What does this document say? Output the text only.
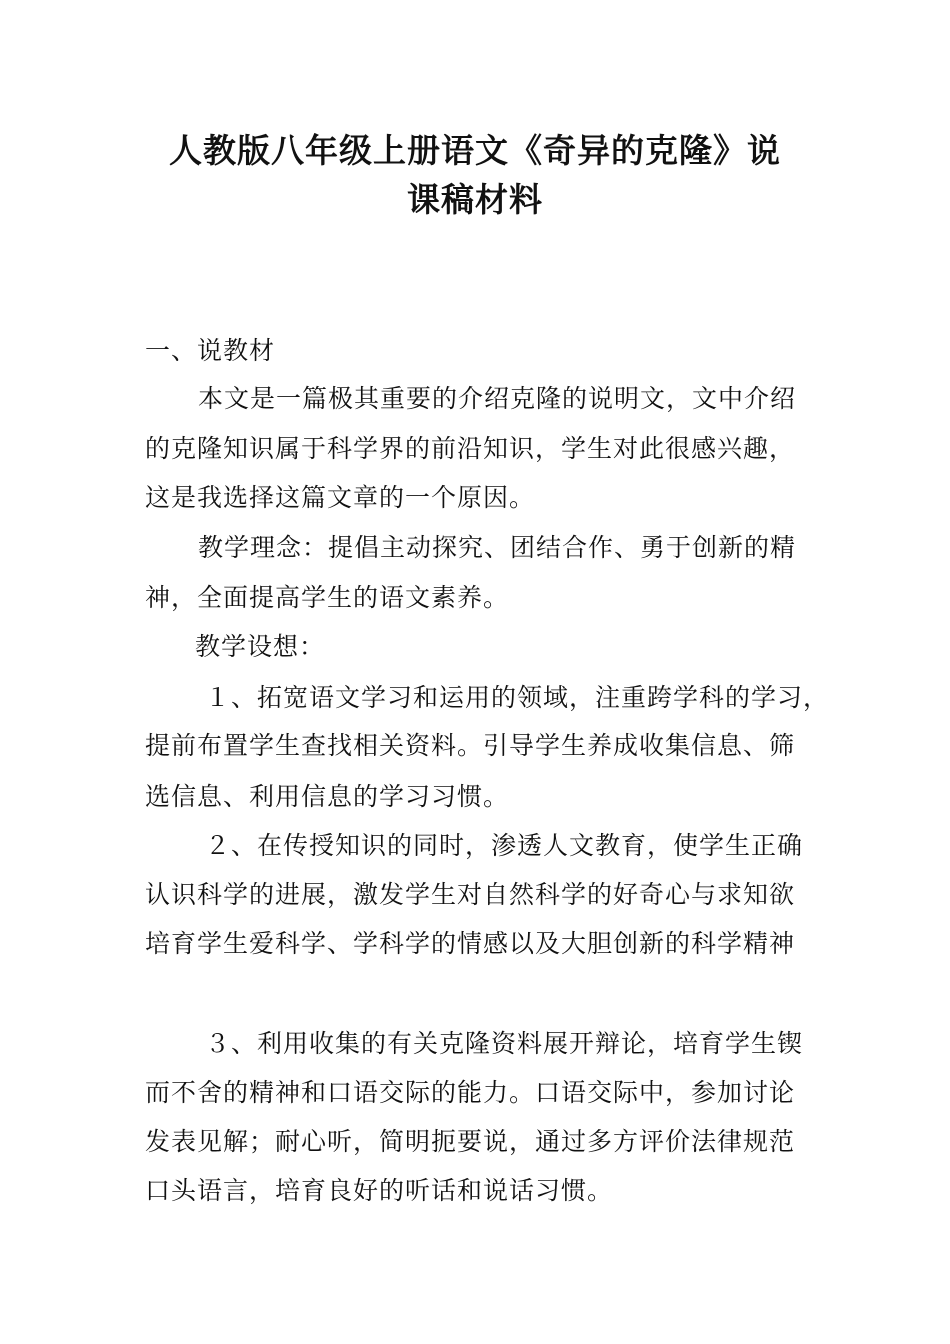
人教版八年级上册语文《奇异的克隆》说
课稿材料
一、说教材
本文是一篇极其重要的介绍克隆的说明文，文中介绍
的克隆知识属于科学界的前沿知识，学生对此很感兴趣，
这是我选择这篇文章的一个原因。
教学理念：提倡主动探究、团结合作、勇于创新的精
神，全面提高学生的语文素养。
教学设想：
１、拓宽语文学习和运用的领域，注重跨学科的学习，
提前布置学生查找相关资料。引导学生养成收集信息、筛
选信息、利用信息的学习习惯。
２、在传授知识的同时，渗透人文教育，使学生正确
认识科学的进展，激发学生对自然科学的好奇心与求知欲
培育学生爱科学、学科学的情感以及大胆创新的科学精神
３、利用收集的有关克隆资料展开辩论，培育学生锲
而不舍的精神和口语交际的能力。口语交际中，参加讨论
发表见解；耐心听，简明扼要说，通过多方评价法律规范
口头语言，培育良好的听话和说话习惯。
